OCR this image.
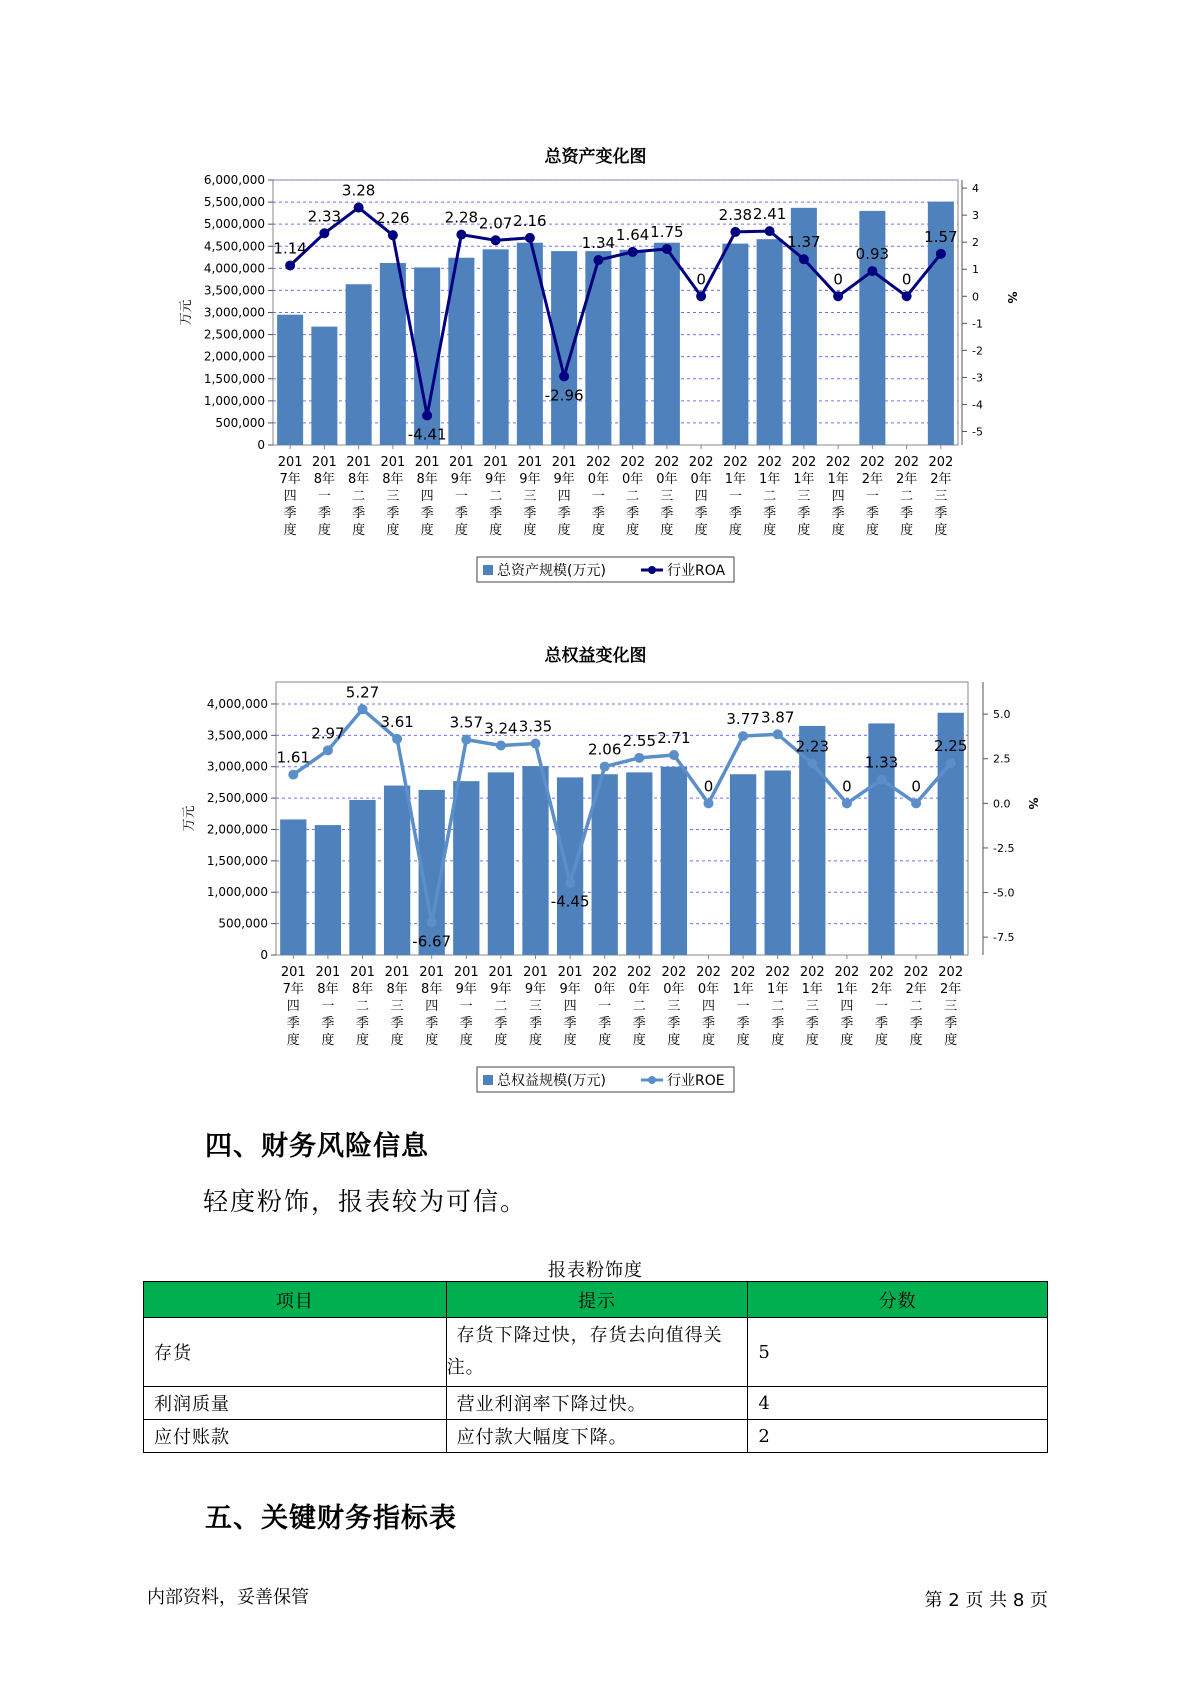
总资产变化图
0
500,000
1,000,000
1,500,000
2,000,000
2,500,000
3,000,000
3,500,000
4,000,000
4,500,000
5,000,000
5,500,000
6,000,000
万元
-5
-4
-3
-2
-1
0
1
2
3
4
%
1.14
2.33
3.28
2.26
-4.41
2.28 2.07 2.16
-2.96
1.34 1.64 1.75
0
2.38 2.41
1.37
0
0.93
0
1.57
201
7年
四
季
度
201
8年
一
季
度
201
8年
二
季
度
201
8年
三
季
度
201
8年
四
季
度
201
9年
一
季
度
201
9年
二
季
度
201
9年
三
季
度
201
9年
四
季
度
202
0年
一
季
度
202
0年
二
季
度
202
0年
三
季
度
202
0年
四
季
度
202
1年
一
季
度
202
1年
二
季
度
202
1年
三
季
度
202
1年
四
季
度
202
2年
一
季
度
202
2年
二
季
度
202
2年
三
季
度
总资产规模(万元)	行业ROA
总权益变化图
0
500,000
1,000,000
1,500,000
2,000,000
2,500,000
3,000,000
3,500,000
4,000,000
万元
-7.5
-5.0
-2.5
0.0
2.5
5.0
%
1.61
2.97
5.27
3.61
-6.67
3.57 3.24 3.35
-4.45
2.06 2.55 2.71
0
3.77 3.87
2.23
0
1.33
0
2.25
201
7年
四
季
度
201
8年
一
季
度
201
8年
二
季
度
201
8年
三
季
度
201
8年
四
季
度
201
9年
一
季
度
201
9年
二
季
度
201
9年
三
季
度
201
9年
四
季
度
202
0年
一
季
度
202
0年
二
季
度
202
0年
三
季
度
202
0年
四
季
度
202
1年
一
季
度
202
1年
二
季
度
202
1年
三
季
度
202
1年
四
季
度
202
2年
一
季
度
202
2年
二
季
度
202
2年
三
季
度
总权益规模(万元)	行业ROE
四、财务风险信息
轻度粉饰，报表较为可信。
报表粉饰度
项目	提示	分数
存货	存货下降过快，存货去向值得关
注。	5
利润质量	营业利润率下降过快。	4
应付账款	应付款大幅度下降。	2
五、关键财务指标表
内部资料，妥善保管	第 2 页 共 8 页
